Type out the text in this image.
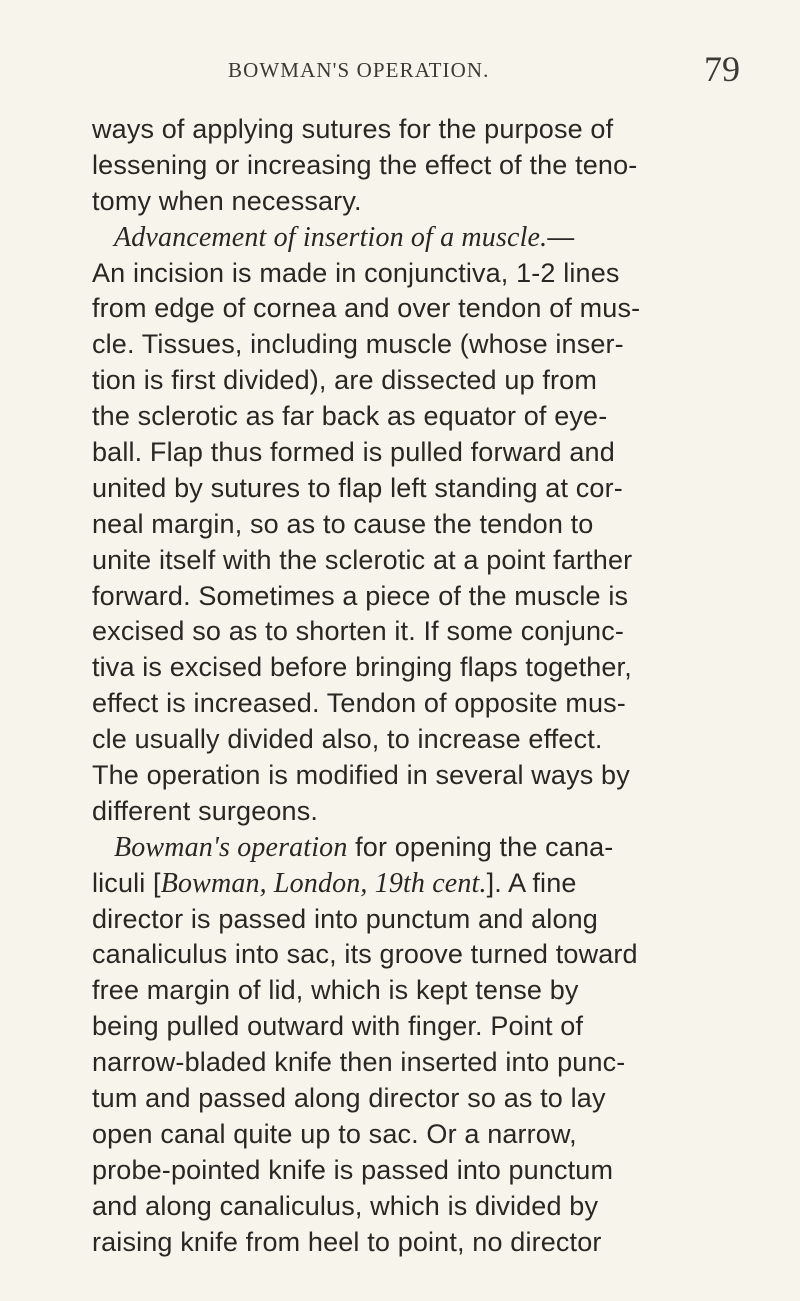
BOWMAN'S OPERATION.	79
ways of applying sutures for the purpose of
lessening or increasing the effect of the teno-
tomy when necessary.
Advancement of insertion of a muscle.—
An incision is made in conjunctiva, 1-2 lines
from edge of cornea and over tendon of mus-
cle. Tissues, including muscle (whose inser-
tion is first divided), are dissected up from
the sclerotic as far back as equator of eye-
ball. Flap thus formed is pulled forward and
united by sutures to flap left standing at cor-
neal margin, so as to cause the tendon to
unite itself with the sclerotic at a point farther
forward. Sometimes a piece of the muscle is
excised so as to shorten it. If some conjunc-
tiva is excised before bringing flaps together,
effect is increased. Tendon of opposite mus-
cle usually divided also, to increase effect.
The operation is modified in several ways by
different surgeons.
Bowman's operation for opening the cana-
liculi [Bowman, London, 19th cent.]. A fine
director is passed into punctum and along
canaliculus into sac, its groove turned toward
free margin of lid, which is kept tense by
being pulled outward with finger. Point of
narrow-bladed knife then inserted into punc-
tum and passed along director so as to lay
open canal quite up to sac. Or a narrow,
probe-pointed knife is passed into punctum
and along canaliculus, which is divided by
raising knife from heel to point, no director
